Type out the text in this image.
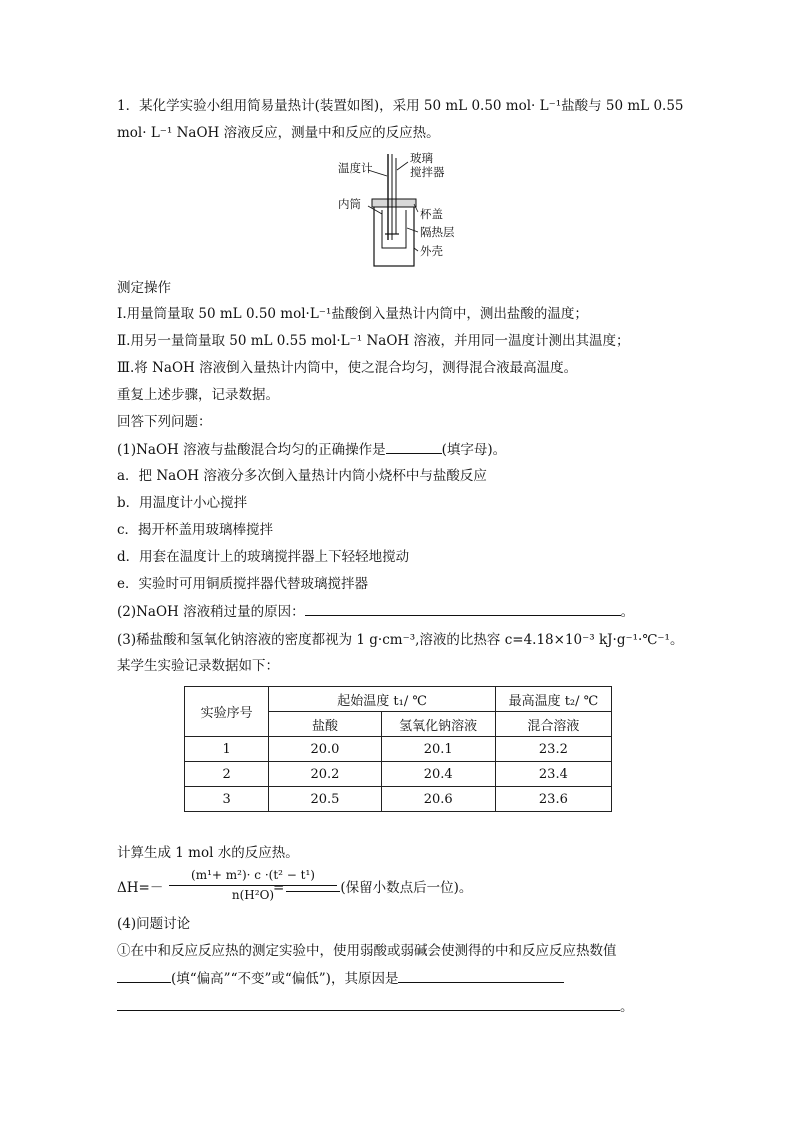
1．某化学实验小组用简易量热计(装置如图)，采用 50 mL 0.50 mol· L⁻¹盐酸与 50 mL 0.55
mol· L⁻¹ NaOH 溶液反应，测量中和反应的反应热。
温度计
玻璃
搅拌器
内筒
杯盖
隔热层
外壳
测定操作
Ⅰ.用量筒量取 50 mL 0.50 mol·L⁻¹盐酸倒入量热计内筒中，测出盐酸的温度；
Ⅱ.用另一量筒量取 50 mL 0.55 mol·L⁻¹ NaOH 溶液，并用同一温度计测出其温度；
Ⅲ.将 NaOH 溶液倒入量热计内筒中，使之混合均匀，测得混合液最高温度。
重复上述步骤，记录数据。
回答下列问题：
(1)NaOH 溶液与盐酸混合均匀的正确操作是	(填字母)。
a．把 NaOH 溶液分多次倒入量热计内筒小烧杯中与盐酸反应
b．用温度计小心搅拌
c．揭开杯盖用玻璃棒搅拌
d．用套在温度计上的玻璃搅拌器上下轻轻地搅动
e．实验时可用铜质搅拌器代替玻璃搅拌器
(2)NaOH 溶液稍过量的原因：	。
(3)稀盐酸和氢氧化钠溶液的密度都视为 1 g·cm⁻³,溶液的比热容 c=4.18×10⁻³ kJ·g⁻¹·℃⁻¹。
某学生实验记录数据如下：
实验序号	起始温度 t₁/ ℃		最高温度 t₂/ ℃
	盐酸	氢氧化钠溶液	混合溶液
1	20.0	20.1	23.2
2	20.2	20.4	23.4
3	20.5	20.6	23.6
计算生成 1 mol 水的反应热。
$\Delta H=- \frac{\text{(m¹+ m²)· c ·(t² − t¹)}}{\text{n(H²O)}}$
=	(保留小数点后一位)。
(4)问题讨论
①在中和反应反应热的测定实验中，使用弱酸或弱碱会使测得的中和反应反应热数值
(填“偏高”“不变”或“偏低”)，其原因是
。
